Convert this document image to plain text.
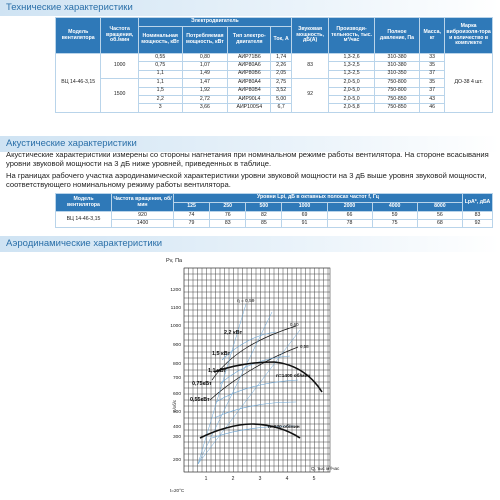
Технические характеристики
Модель вентилятора	Частота вращения, об./мин	Электродвигатель				Звуковая мощность, дБ(А)	Производи-тельность, тыс. м³/час	Полное давление, Па	Масса, кг	Марка виброизоля-тора и количество в комплекте
		Номинальная мощность, кВт	Потребляемая мощность, кВт	Тип электро-двигателя	Ток, А					
ВЦ 14-46-3,15	1000	0,55	0,80	АИР71В6	1,74	83	1,3-2,6	310-380	33	ДО-38 4 шт.
		0,75	1,07	АИР80А6	2,26		1,3-2,5	310-380	35	
		1,1	1,49	АИР80В6	2,05		1,3-2,5	310-350	37	
	1500	1,1	1,47	АИР80А4	2,75	92	2,0-5,0	750-800	35	
		1,5	1,92	АИР80В4	3,52		2,0-5,0	750-800	37	
		2,2	2,72	АИР90L4	5,00		2,0-5,0	750-850	43	
		3	3,66	АИР100S4	6,7		2,0-5,8	750-850	46	
Акустические характеристики
Акустические характеристики измерены со стороны нагнетания при номинальном режиме работы вентилятора. На стороне всасывания уровни звуковой мощности на 3 дБ ниже уровней, приведенных в таблице.
На границах рабочего участка аэродинамической характеристики уровни звуковой мощности на 3 дБ выше уровня звуковой мощности, соответствующего номинальному режиму работы вентилятора.
Модель вентилятора	Частота вращения, об/мин	Уровни Lpi, дБ в октавных полосах частот f, Гц							LpA*, дБА
		125	250	500	1000	2000	4000	8000	
ВЦ 14-46-3,15	920	74	76	82	69	66	59	56	83
	1400	79	83	85	91	78	75	68	92
Аэродинамические характеристики
Pv, Па
1200
1100
1000
900
800
700
600
500
400
300
200
1	2	3	4	5
Q, тыс м³/час
t=20°С
n/об/с
η = 0,59
0,60
0,58
2,2 кВт
1,5 кВт
1,1 кВт
0,75кВт
0,55кВт
n=1400 об/мин
n=920 об/мин
